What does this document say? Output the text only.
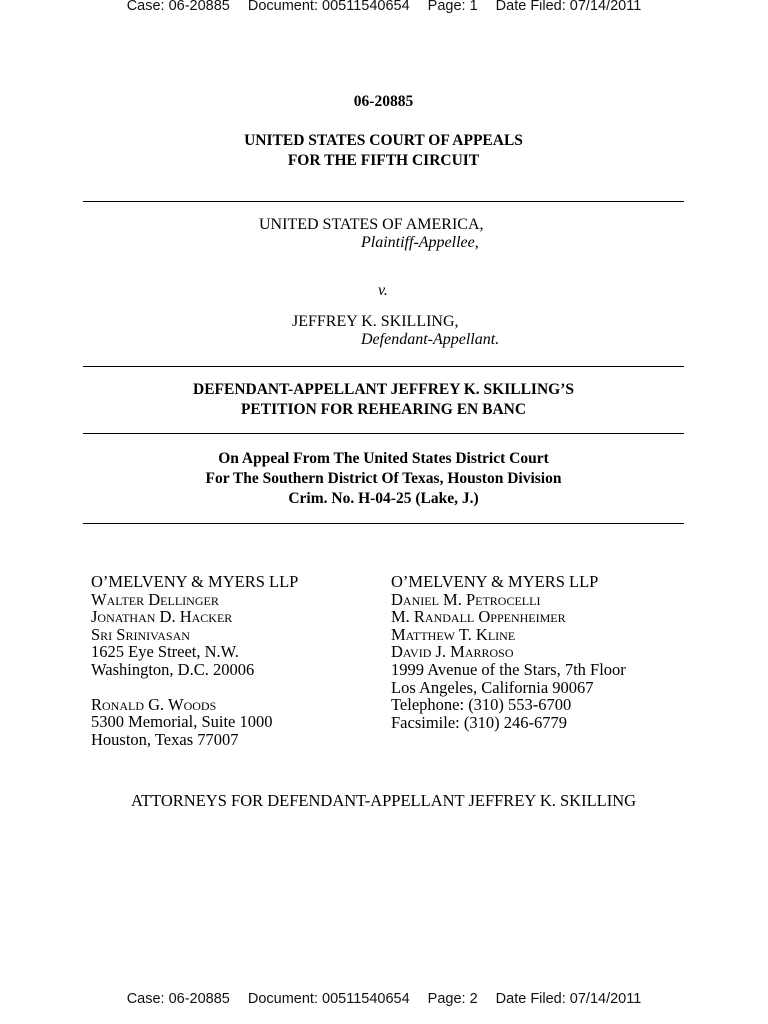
Case: 06-20885 Document: 00511540654 Page: 1 Date Filed: 07/14/2011
06-20885
UNITED STATES COURT OF APPEALS
FOR THE FIFTH CIRCUIT
UNITED STATES OF AMERICA,
Plaintiff-Appellee,
v.
JEFFREY K. SKILLING,
Defendant-Appellant.
DEFENDANT-APPELLANT JEFFREY K. SKILLING’S
PETITION FOR REHEARING EN BANC
On Appeal From The United States District Court
For The Southern District Of Texas, Houston Division
Crim. No. H-04-25 (Lake, J.)
O’MELVENY & MYERS LLP
Walter Dellinger
Jonathan D. Hacker
Sri Srinivasan
1625 Eye Street, N.W.
Washington, D.C. 20006
Ronald G. Woods
5300 Memorial, Suite 1000
Houston, Texas 77007
O’MELVENY & MYERS LLP
Daniel M. Petrocelli
M. Randall Oppenheimer
Matthew T. Kline
David J. Marroso
1999 Avenue of the Stars, 7th Floor
Los Angeles, California 90067
Telephone: (310) 553-6700
Facsimile: (310) 246-6779
ATTORNEYS FOR DEFENDANT-APPELLANT JEFFREY K. SKILLING
Case: 06-20885 Document: 00511540654 Page: 2 Date Filed: 07/14/2011
